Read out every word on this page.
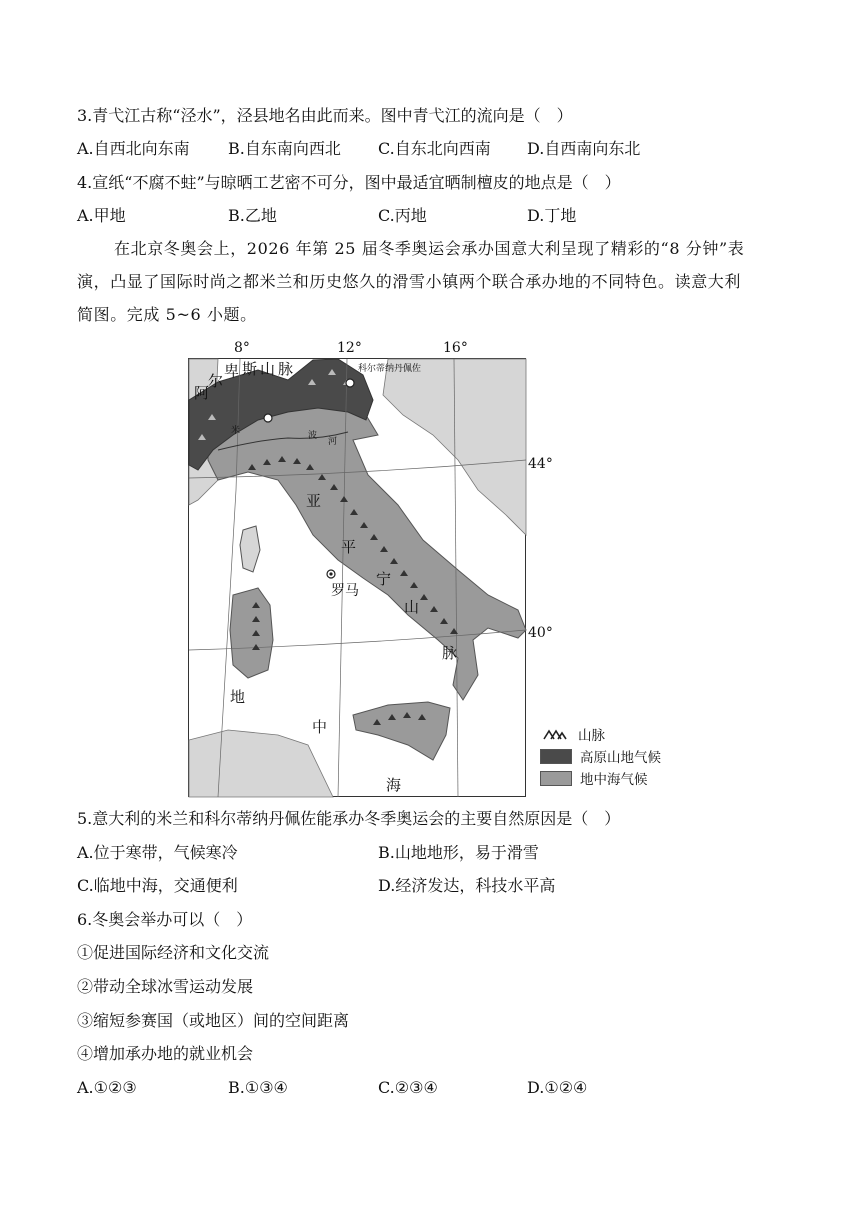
3.青弋江古称“泾水”，泾县地名由此而来。图中青弋江的流向是（　）
A.自西北向东南 B.自东南向西北 C.自东北向西南 D.自西南向东北
4.宣纸“不腐不蛀”与晾晒工艺密不可分，图中最适宜晒制檀皮的地点是（　）
A.甲地	B.乙地	C.丙地	D.丁地

在北京冬奥会上，2026 年第 25 届冬季奥运会承办国意大利呈现了精彩的“8 分钟”表

演，凸显了国际时尚之都米兰和历史悠久的滑雪小镇两个联合承办地的不同特色。读意大利

简图。完成 5~6 小题。

8°	12°	16°
阿
尔
卑 斯 山 脉	科尔蒂纳丹佩佐
米	波
河
亚
平
宁
山
脉
罗马
地
中
海
44°
40°
山脉
高原山地气候
地中海气候
5.意大利的米兰和科尔蒂纳丹佩佐能承办冬季奥运会的主要自然原因是（　）
A.位于寒带，气候寒冷	B.山地地形，易于滑雪
C.临地中海，交通便利	D.经济发达，科技水平高
6.冬奥会举办可以（　）
①促进国际经济和文化交流
②带动全球冰雪运动发展
③缩短参赛国（或地区）间的空间距离
④增加承办地的就业机会
A.①②③	B.①③④	C.②③④	D.①②④
